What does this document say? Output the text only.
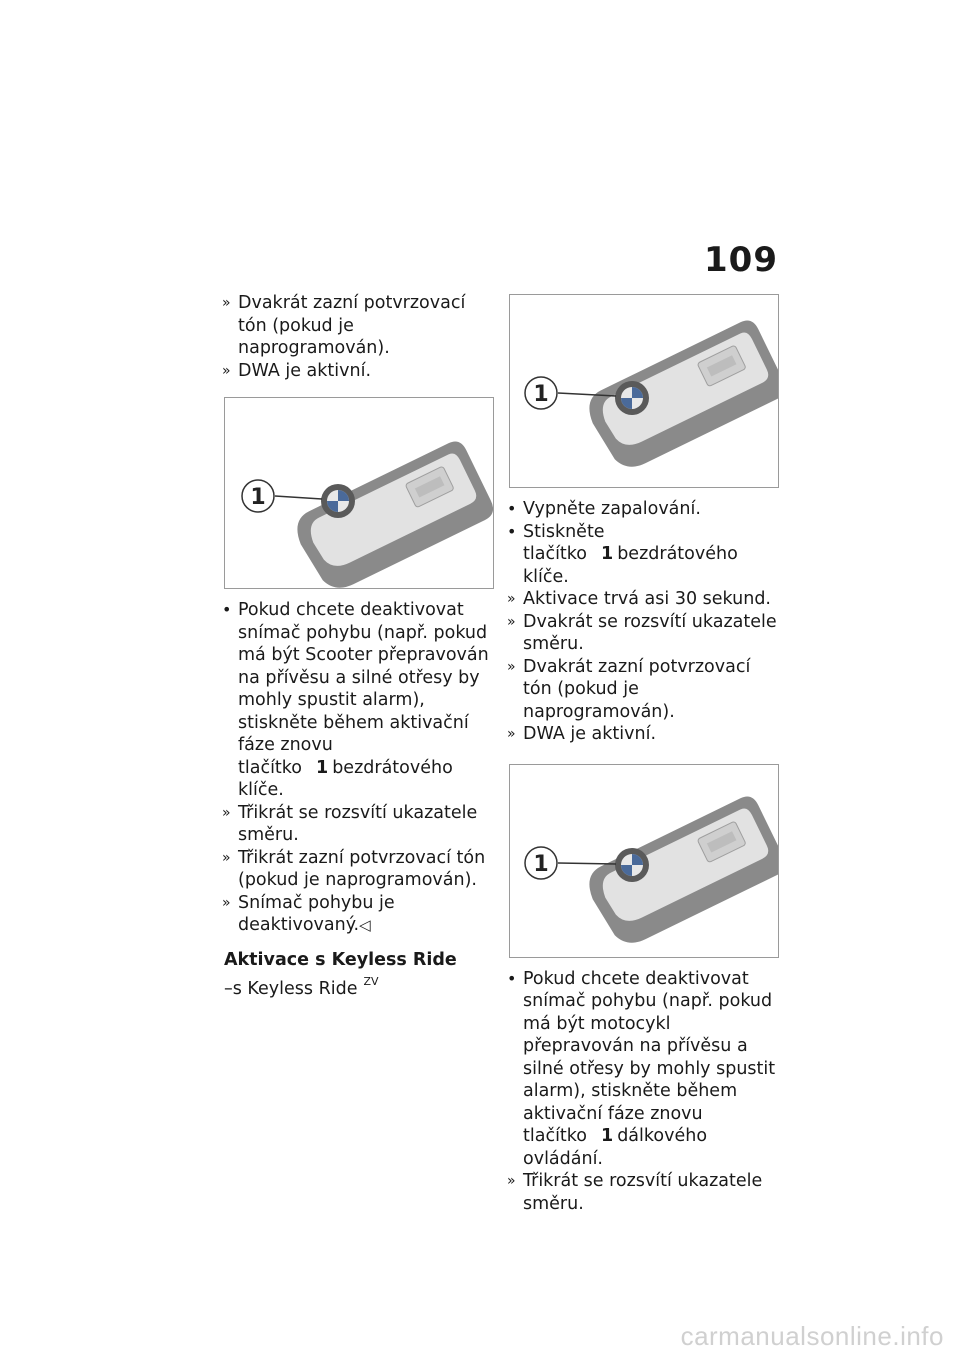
109
» Dvakrát zazní potvrzovací tón (pokud je naprogramován).
» DWA je aktivní.
1
• Pokud chcete deaktivovat snímač pohybu (např. pokud má být Scooter přepravován na přívěsu a silné otřesy by mohly spustit alarm), stiskněte během aktivační fáze znovu tlačítko 1 bezdrátového klíče.
» Třikrát se rozsvítí ukazatele směru.
» Třikrát zazní potvrzovací tón (pokud je naprogramován).
» Snímač pohybu je deaktivovaný.◁
Aktivace s Keyless Ride
–s Keyless Ride $^{ZV}$
1
• Vypněte zapalování.
• Stiskněte tlačítko 1 bezdrátového klíče.
» Aktivace trvá asi 30 sekund.
» Dvakrát se rozsvítí ukazatele směru.
» Dvakrát zazní potvrzovací tón (pokud je naprogramován).
» DWA je aktivní.
1
• Pokud chcete deaktivovat snímač pohybu (např. pokud má být motocykl přepravován na přívěsu a silné otřesy by mohly spustit alarm), stiskněte během aktivační fáze znovu tlačítko 1 dálkového ovládání.
» Třikrát se rozsvítí ukazatele směru.
carmanualsonline.info
